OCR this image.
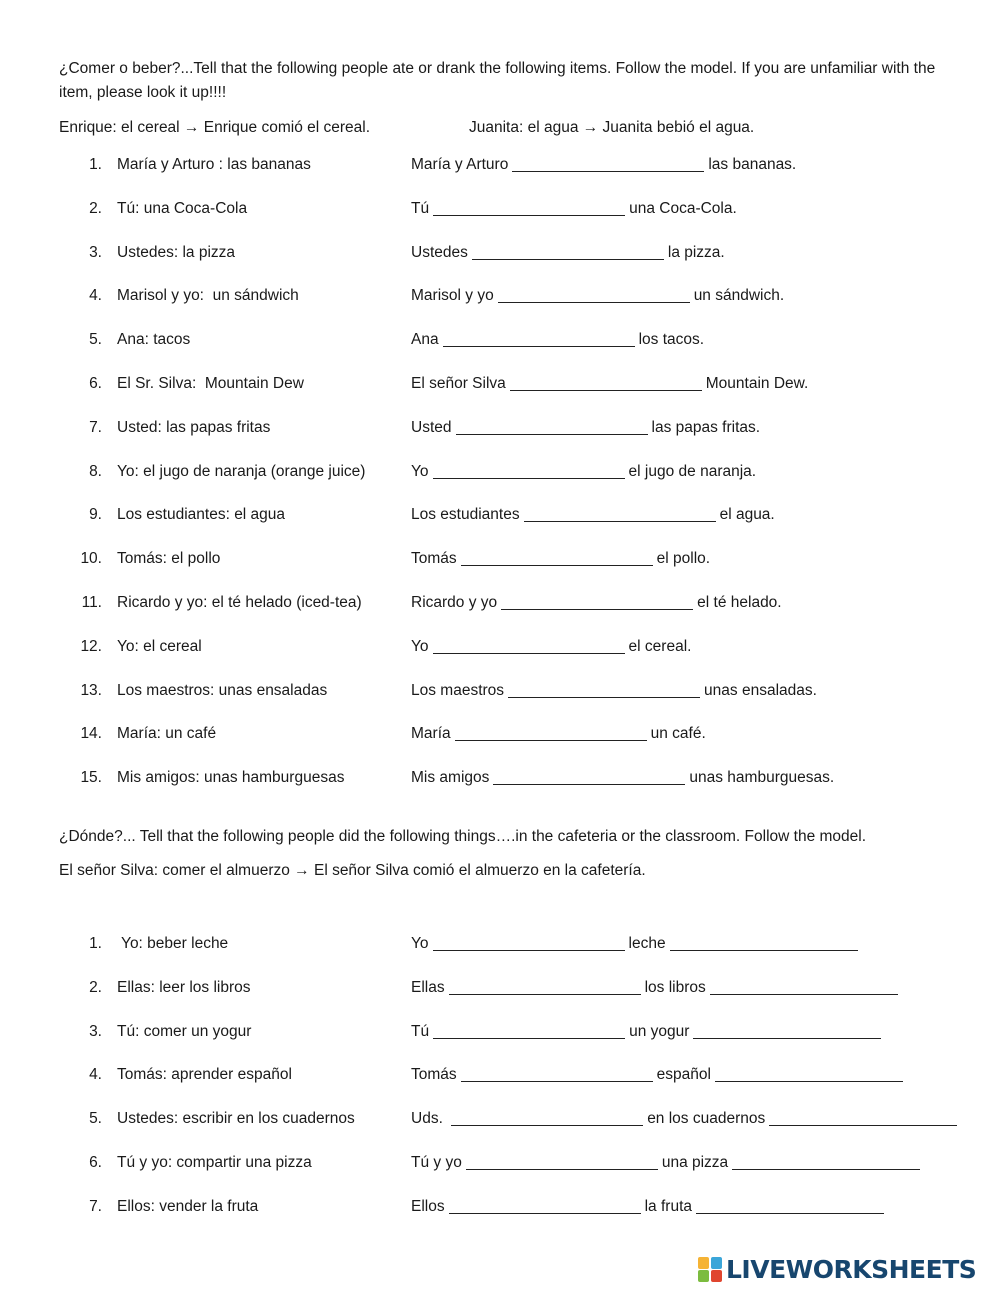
¿Comer o beber?...Tell that the following people ate or drank the following items. Follow the model. If you are unfamiliar with the item, please look it up!!!!
Enrique: el cereal → Enrique comió el cereal.	Juanita: el agua → Juanita bebió el agua.
1. María y Arturo : las bananas	María y Arturo	las bananas.
2. Tú: una Coca-Cola	Tú	una Coca-Cola.
3. Ustedes: la pizza	Ustedes	la pizza.
4. Marisol y yo:  un sándwich	Marisol y yo	un sándwich.
5. Ana: tacos	Ana	los tacos.
6. El Sr. Silva:  Mountain Dew	El señor Silva	Mountain Dew.
7. Usted: las papas fritas	Usted	las papas fritas.
8. Yo: el jugo de naranja (orange juice)	Yo	el jugo de naranja.
9. Los estudiantes: el agua	Los estudiantes	el agua.
10. Tomás: el pollo	Tomás	el pollo.
11. Ricardo y yo: el té helado (iced-tea)	Ricardo y yo	el té helado.
12. Yo: el cereal	Yo	el cereal.
13. Los maestros: unas ensaladas	Los maestros	unas ensaladas.
14. María: un café	María	un café.
15. Mis amigos: unas hamburguesas	Mis amigos	unas hamburguesas.
¿Dónde?... Tell that the following people did the following things….in the cafeteria or the classroom. Follow the model.
El señor Silva: comer el almuerzo → El señor Silva comió el almuerzo en la cafetería.
1. Yo: beber leche	Yo	leche
2. Ellas: leer los libros	Ellas	los libros
3. Tú: comer un yogur	Tú	un yogur
4. Tomás: aprender español	Tomás	español
5. Ustedes: escribir en los cuadernos	Uds.	en los cuadernos
6. Tú y yo: compartir una pizza	Tú y yo	una pizza
7. Ellos: vender la fruta	Ellos	la fruta
LIVEWORKSHEETS
